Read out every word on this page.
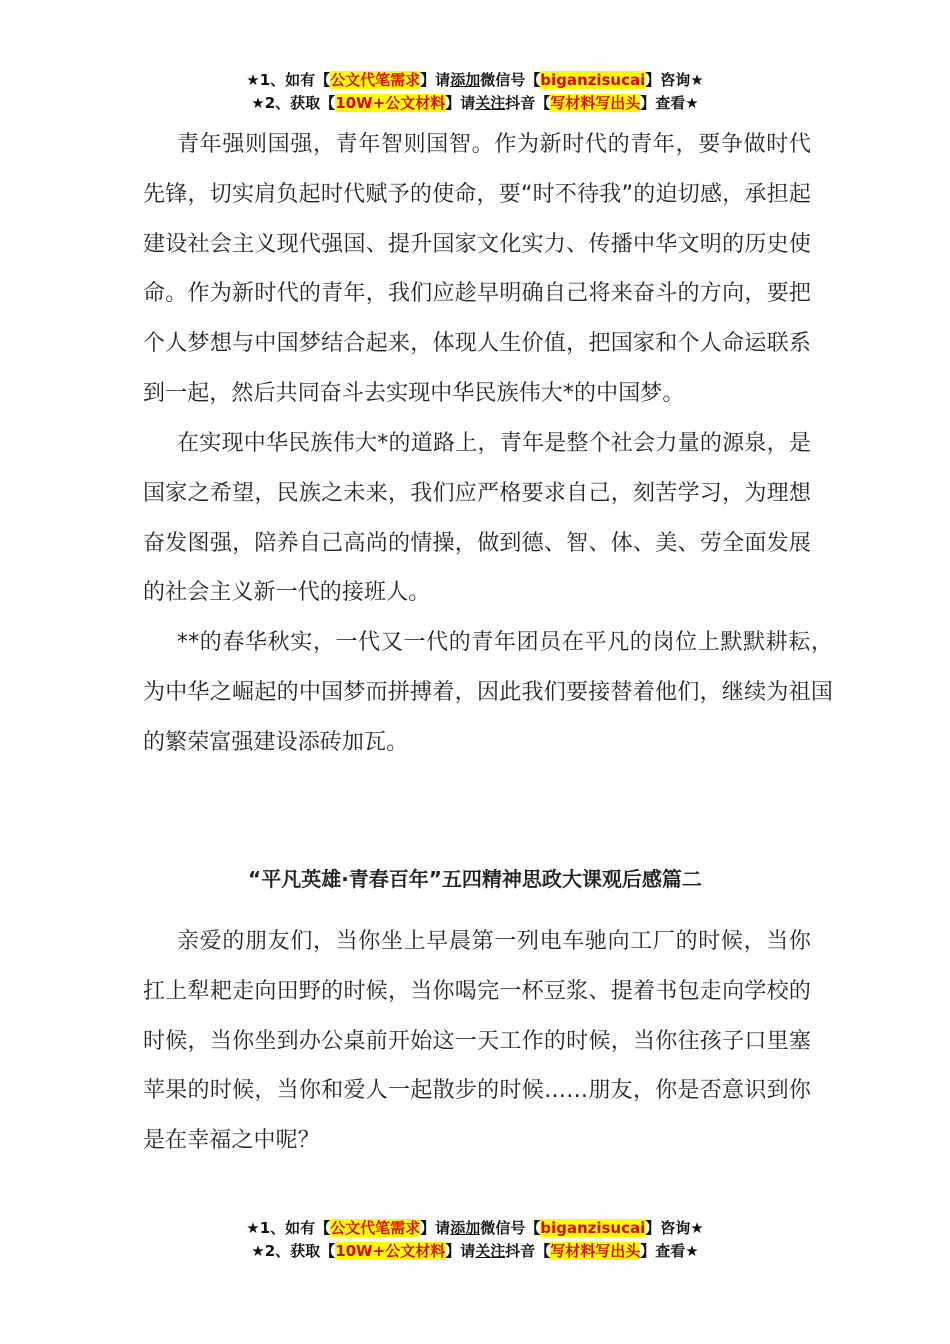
★1、如有【公文代笔需求】请添加微信号【biganzisucai】咨询★
★2、获取【10W+公文材料】请关注抖音【写材料写出头】查看★

青年强则国强，青年智则国智。作为新时代的青年，要争做时代先锋，切实肩负起时代赋予的使命，要“时不待我”的迫切感，承担起建设社会主义现代强国、提升国家文化实力、传播中华文明的历史使命。作为新时代的青年，我们应趁早明确自己将来奋斗的方向，要把个人梦想与中国梦结合起来，体现人生价值，把国家和个人命运联系到一起，然后共同奋斗去实现中华民族伟大*的中国梦。

在实现中华民族伟大*的道路上，青年是整个社会力量的源泉，是国家之希望，民族之未来，我们应严格要求自己，刻苦学习，为理想奋发图强，陪养自己高尚的情操，做到德、智、体、美、劳全面发展的社会主义新一代的接班人。

**的春华秋实，一代又一代的青年团员在平凡的岗位上默默耕耘，为中华之崛起的中国梦而拼搏着，因此我们要接替着他们，继续为祖国的繁荣富强建设添砖加瓦。

“平凡英雄·青春百年”五四精神思政大课观后感篇二

亲爱的朋友们，当你坐上早晨第一列电车驰向工厂的时候，当你扛上犁耙走向田野的时候，当你喝完一杯豆浆、提着书包走向学校的时候，当你坐到办公桌前开始这一天工作的时候，当你往孩子口里塞苹果的时候，当你和爱人一起散步的时候……朋友，你是否意识到你是在幸福之中呢？

★1、如有【公文代笔需求】请添加微信号【biganzisucai】咨询★
★2、获取【10W+公文材料】请关注抖音【写材料写出头】查看★
